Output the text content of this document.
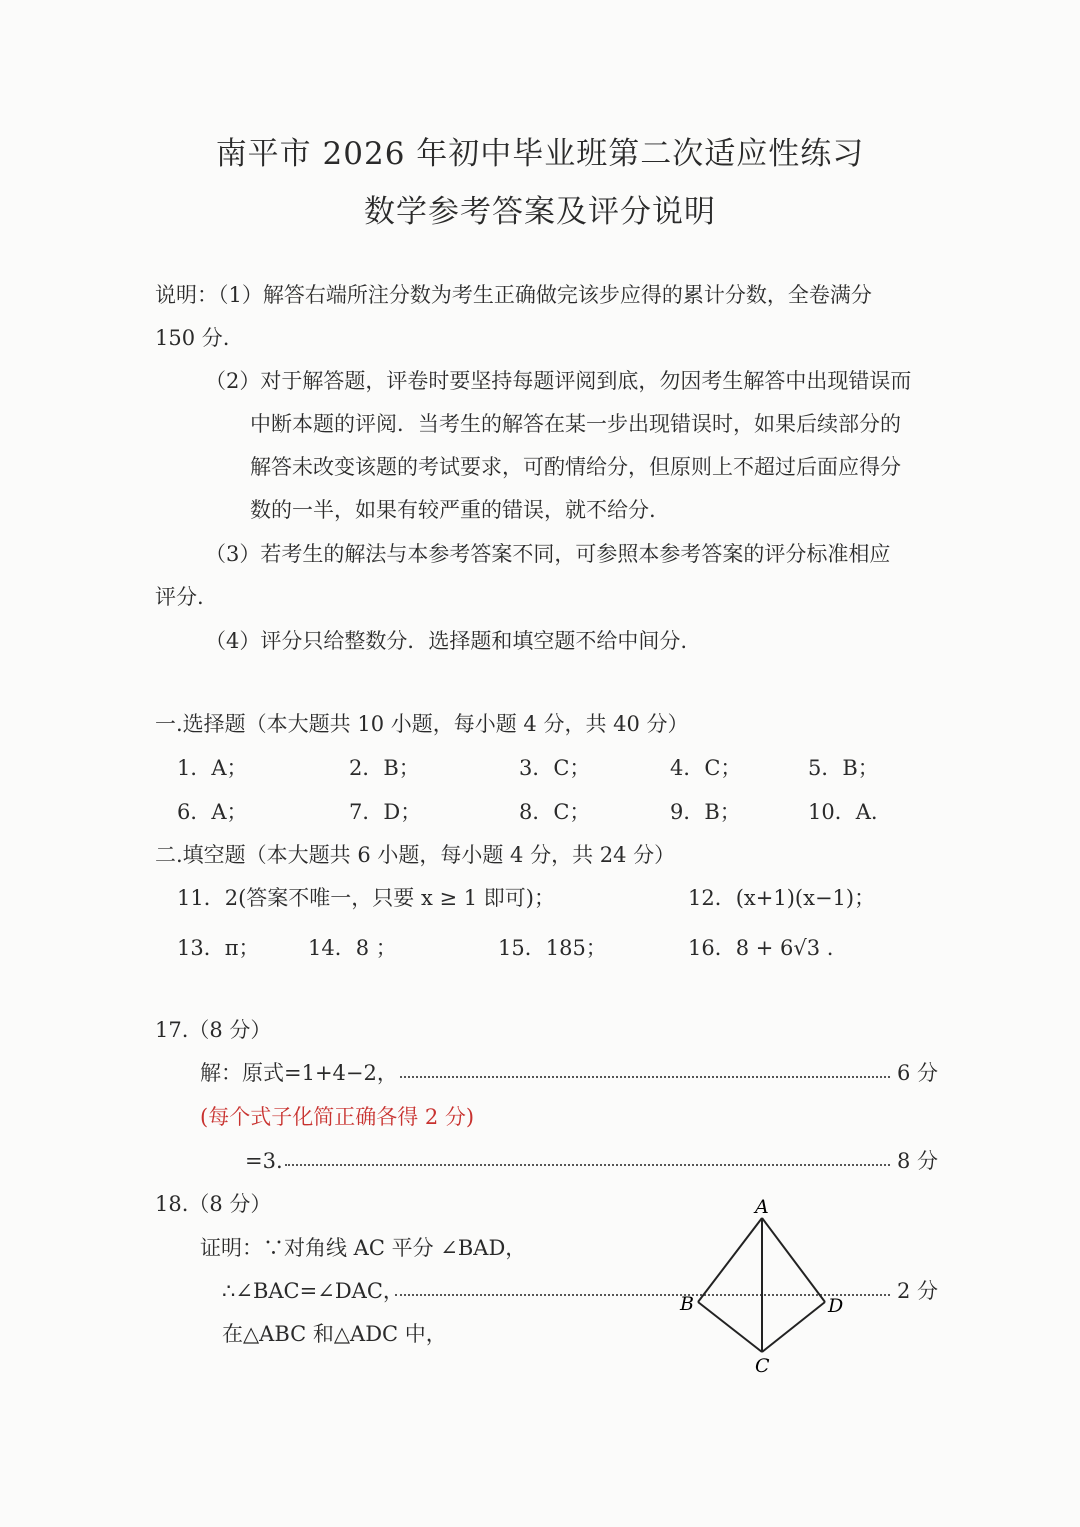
南平市 2026 年初中毕业班第二次适应性练习
数学参考答案及评分说明
说明：（1）解答右端所注分数为考生正确做完该步应得的累计分数，全卷满分
150 分.
（2）对于解答题，评卷时要坚持每题评阅到底，勿因考生解答中出现错误而
中断本题的评阅．当考生的解答在某一步出现错误时，如果后续部分的
解答未改变该题的考试要求，可酌情给分，但原则上不超过后面应得分
数的一半，如果有较严重的错误，就不给分.
（3）若考生的解法与本参考答案不同，可参照本参考答案的评分标准相应
评分.
（4）评分只给整数分．选择题和填空题不给中间分.
一.选择题（本大题共 10 小题，每小题 4 分，共 40 分）
1．A；	2．B；	3．C；	4．C；	5．B；
6．A；	7．D；	8．C；	9．B；	10．A.
二.填空题（本大题共 6 小题，每小题 4 分，共 24 分）
11．2(答案不唯一，只要 x ≥ 1 即可)；	12．(x+1)(x−1)；
13．π； 14．8 ；	15．185；	16．8 + 6√3 .
17.（8 分）
解：原式=1+4−2，	6 分
(每个式子化简正确各得 2 分)
=3.	8 分
18.（8 分）
证明：∵对角线 AC 平分 ∠BAD，
∴∠BAC=∠DAC，	2 分
在△ABC 和△ADC 中，
A
B
C
D
